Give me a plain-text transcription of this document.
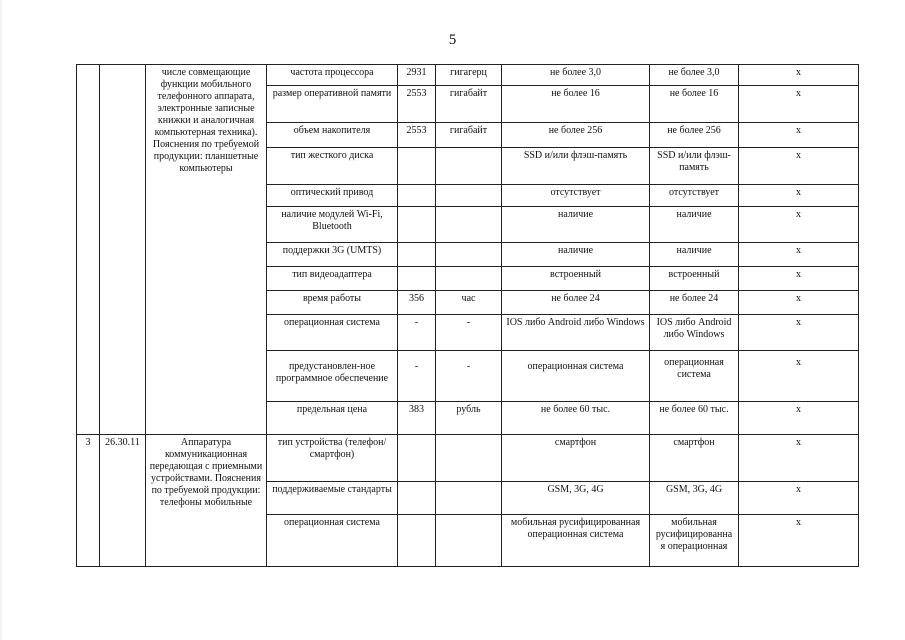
5
		числе совмещающие функции мобильного телефонного аппарата, электронные записные книжки и аналогичная компьютерная техника). Пояснения по требуемой продукции: планшетные компьютеры	частота процессора	2931	гигагерц	не более 3,0	не более 3,0	х
			размер оперативной памяти	2553	гигабайт	не более 16	не более 16	х
			объем накопителя	2553	гигабайт	не более 256	не более 256	х
			тип жесткого диска			SSD и/или флэш-память	SSD и/или флэш-память	х
			оптический привод			отсутствует	отсутствует	х
			наличие модулей Wi-Fi, Bluetooth			наличие	наличие	х
			поддержки 3G (UMTS)			наличие	наличие	х
			тип видеоадаптера			встроенный	встроенный	х
			время работы	356	час	не более 24	не более 24	х
			операционная система	-	-	IOS либо Android либо Windows	IOS либо Android либо Windows	х
			предустановлен-ное программное обеспечение	-	-	операционная система	операционная система	х
			предельная цена	383	рубль	не более 60 тыс.	не более 60 тыс.	х
3	26.30.11	Аппаратура коммуникационная передающая с приемными устройствами. Пояснения по требуемой продукции: телефоны мобильные	тип устройства (телефон/смартфон)			смартфон	смартфон	х
			поддерживаемые стандарты			GSM, 3G, 4G	GSM, 3G, 4G	х
			операционная система			мобильная русифицированная операционная система	мобильная русифицированна я операционная	х
